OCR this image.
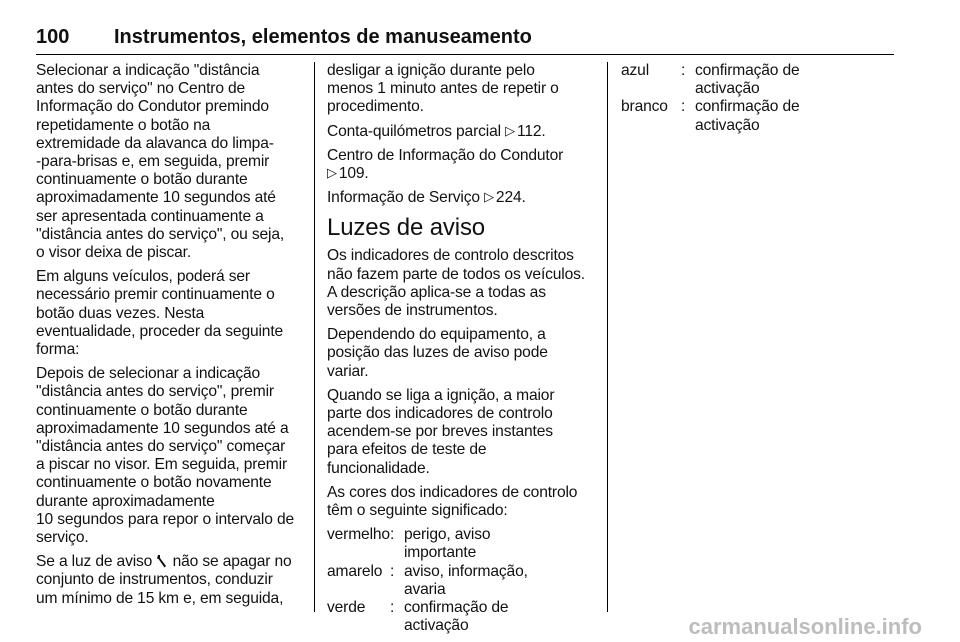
100	Instrumentos, elementos de manuseamento

Selecionar a indicação "distância
antes do serviço" no Centro de
Informação do Condutor premindo
repetidamente o botão na
extremidade da alavanca do limpa-
-para-brisas e, em seguida, premir
continuamente o botão durante
aproximadamente 10 segundos até
ser apresentada continuamente a
"distância antes do serviço", ou seja,
o visor deixa de piscar.

Em alguns veículos, poderá ser
necessário premir continuamente o
botão duas vezes. Nesta
eventualidade, proceder da seguinte
forma:

Depois de selecionar a indicação
"distância antes do serviço", premir
continuamente o botão durante
aproximadamente 10 segundos até a
"distância antes do serviço" começar
a piscar no visor. Em seguida, premir
continuamente o botão novamente
durante aproximadamente
10 segundos para repor o intervalo de
serviço.

Se a luz de aviso não se apagar no
conjunto de instrumentos, conduzir
um mínimo de 15 km e, em seguida,

desligar a ignição durante pelo
menos 1 minuto antes de repetir o
procedimento.

Conta-quilómetros parcial ▷ 112.

Centro de Informação do Condutor
▷ 109.

Informação de Serviço ▷ 224.

Luzes de aviso

Os indicadores de controlo descritos
não fazem parte de todos os veículos.
A descrição aplica-se a todas as
versões de instrumentos.

Dependendo do equipamento, a
posição das luzes de aviso pode
variar.

Quando se liga a ignição, a maior
parte dos indicadores de controlo
acendem-se por breves instantes
para efeitos de teste de
funcionalidade.

As cores dos indicadores de controlo
têm o seguinte significado:

vermelho	:	perigo, aviso importante
amarelo	:	aviso, informação, avaria
verde	:	confirmação de activação
azul	:	confirmação de activação
branco	:	confirmação de activação
carmanualsonline.info
